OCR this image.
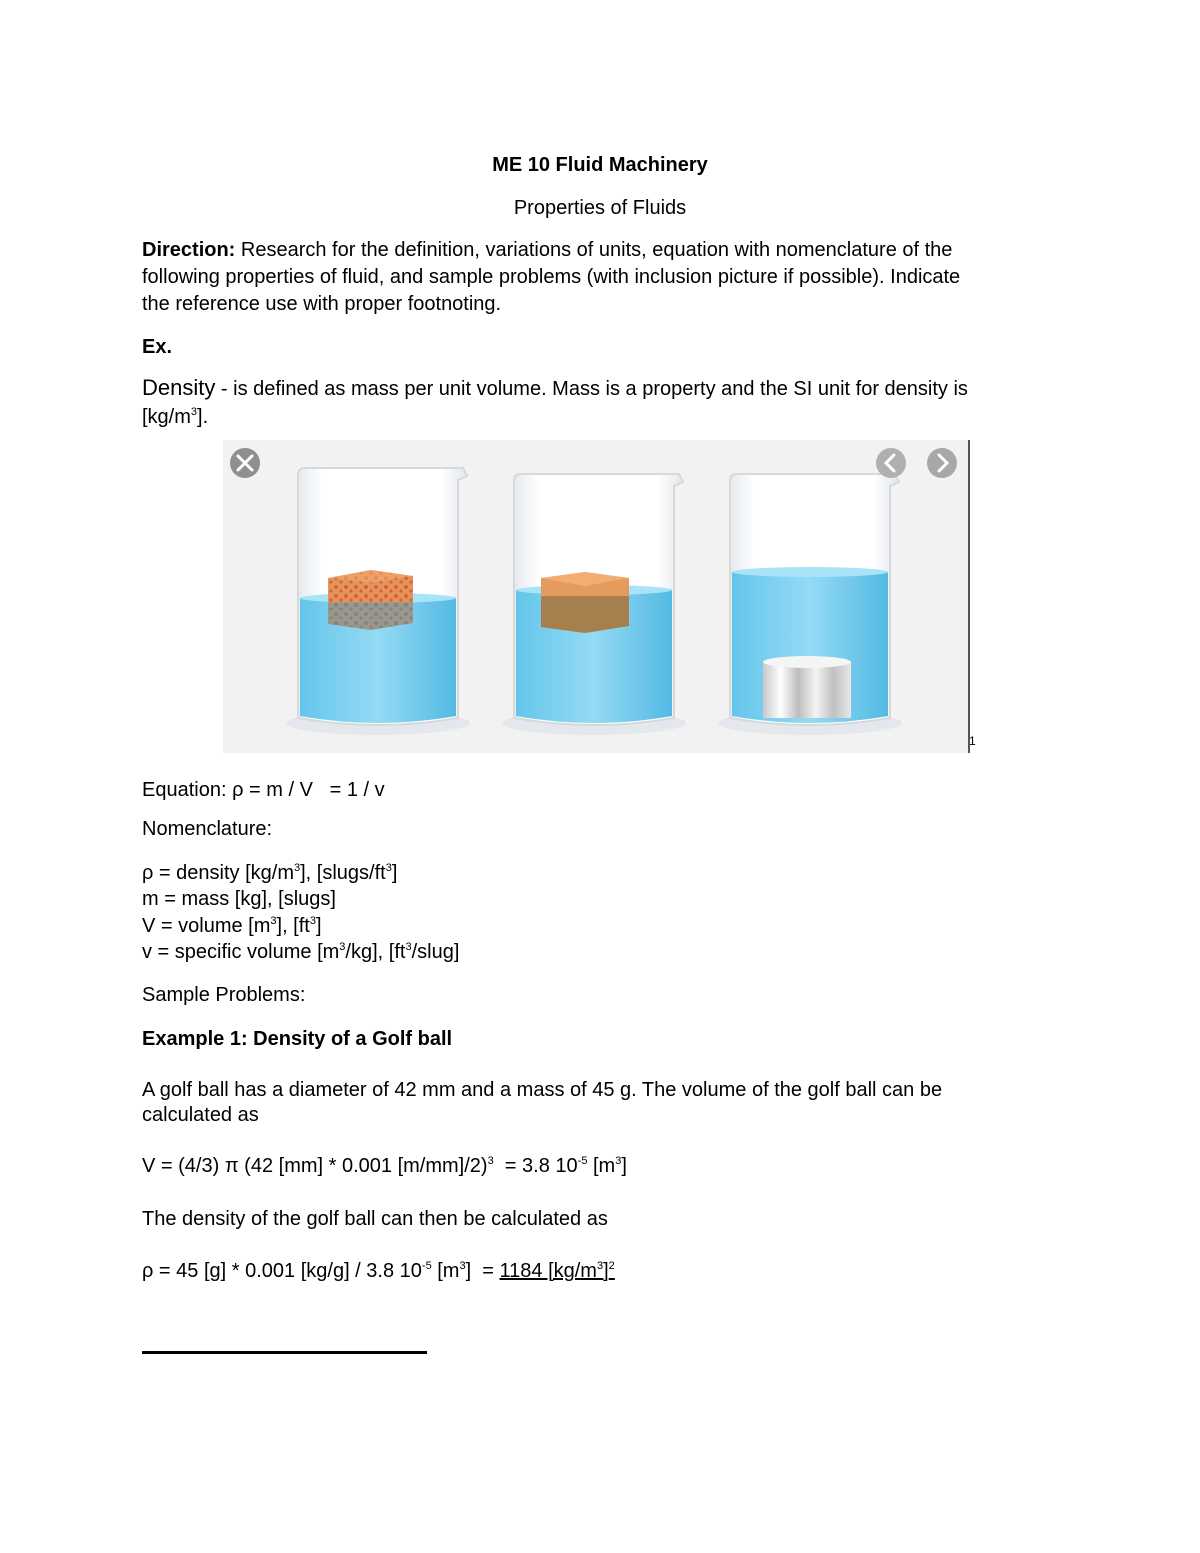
ME 10 Fluid Machinery
Properties of Fluids
Direction: Research for the definition, variations of units, equation with nomenclature of the
following properties of fluid, and sample problems (with inclusion picture if possible). Indicate
the reference use with proper footnoting.
Ex.
Density - is defined as mass per unit volume. Mass is a property and the SI unit for density is
$[kg/m^3]$.
1
Equation: ρ = m / V   = 1 / v
Nomenclature:
ρ = density $[kg/m^3]$, $[slugs/ft^3]$
m = mass [kg], [slugs]
V = volume $[m^3]$, $[ft^3]$
v = specific volume $[m^3/kg]$, $[ft^3/slug]$
Sample Problems:
Example 1: Density of a Golf ball
A golf ball has a diameter of 42 mm and a mass of 45 g. The volume of the golf ball can be
calculated as
V = (4/3) π (42 [mm] * 0.001 [m/mm]/2)$^3$  = 3.8 $10^{-5}$ $[m^3]$
The density of the golf ball can then be calculated as
ρ = 45 [g] * 0.001 [kg/g] / 3.8 $10^{-5}$ $[m^3] = 1184$ $[kg/m^3]^2$
